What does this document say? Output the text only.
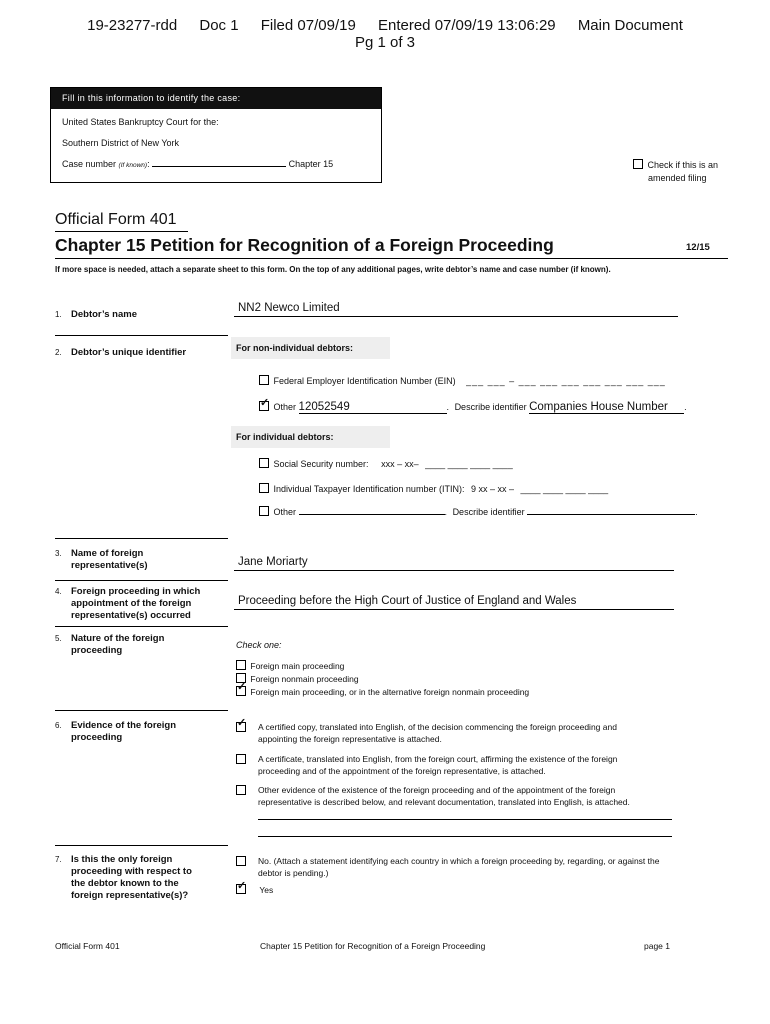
19-23277-rdd Doc 1 Filed 07/09/19 Entered 07/09/19 13:06:29 Main Document
Pg 1 of 3
Fill in this information to identify the case:
United States Bankruptcy Court for the:
Southern District of New York
Case number (If known):	Chapter 15	Check if this is an
amended filing
Official Form 401
Chapter 15 Petition for Recognition of a Foreign Proceeding	12/15
If more space is needed, attach a separate sheet to this form. On the top of any additional pages, write debtor’s name and case number (if known).
1. Debtor’s name
NN2 Newco Limited
2. Debtor’s unique identifier	For non-individual debtors:
Federal Employer Identification Number (EIN) ___ ___ – ___ ___ ___ ___ ___ ___ ___
✓ Other 12052549	. Describe identifier Companies House Number .
For individual debtors:
Social Security number: xxx – xx– ____ ____ ____ ____
Individual Taxpayer Identification number (ITIN): 9 xx – xx – ____ ____ ____ ____
Other	. Describe identifier	.
3. Name of foreign
representative(s)	Jane Moriarty
4. Foreign proceeding in which
appointment of the foreign
representative(s) occurred
Proceeding before the High Court of Justice of England and Wales
5. Nature of the foreign
proceeding	Check one:
Foreign main proceeding
Foreign nonmain proceeding
✓ Foreign main proceeding, or in the alternative foreign nonmain proceeding
6. Evidence of the foreign
proceeding
✓
A certified copy, translated into English, of the decision commencing the foreign proceeding and
appointing the foreign representative is attached.
A certificate, translated into English, from the foreign court, affirming the existence of the foreign
proceeding and of the appointment of the foreign representative, is attached.
Other evidence of the existence of the foreign proceeding and of the appointment of the foreign
representative is described below, and relevant documentation, translated into English, is attached.
7. Is this the only foreign
proceeding with respect to
the debtor known to the
foreign representative(s)?
No. (Attach a statement identifying each country in which a foreign proceeding by, regarding, or against the
debtor is pending.)
✓ Yes
Official Form 401	Chapter 15 Petition for Recognition of a Foreign Proceeding	page 1
